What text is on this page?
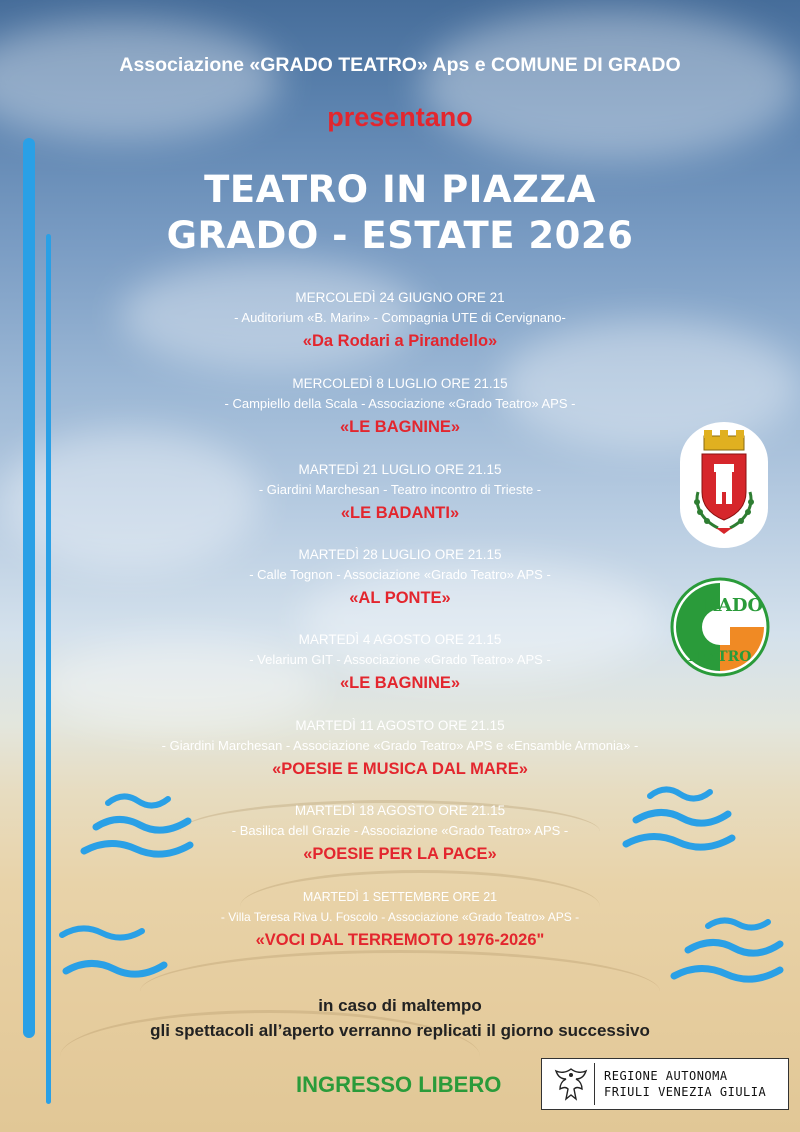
Associazione «GRADO TEATRO» Aps e COMUNE DI GRADO
presentano
TEATRO IN PIAZZA
GRADO - ESTATE 2026
MERCOLEDÌ 24 GIUGNO ORE 21
- Auditorium «B. Marin» - Compagnia UTE di Cervignano-
«Da Rodari a Pirandello»
MERCOLEDÌ 8 LUGLIO ORE 21.15
- Campiello della Scala - Associazione «Grado Teatro» APS -
«LE BAGNINE»
MARTEDÌ 21 LUGLIO ORE 21.15
- Giardini Marchesan - Teatro incontro di Trieste -
«LE BADANTI»
MARTEDÌ 28 LUGLIO ORE 21.15
- Calle Tognon - Associazione «Grado Teatro» APS -
«AL PONTE»
MARTEDÌ 4 AGOSTO ORE 21.15
- Velarium GIT - Associazione «Grado Teatro» APS -
«LE BAGNINE»
MARTEDÌ 11 AGOSTO ORE 21.15
- Giardini Marchesan - Associazione «Grado Teatro» APS e «Ensamble Armonia» -
«POESIE E MUSICA DAL MARE»
MARTEDÌ 18 AGOSTO ORE 21.15
- Basilica dell Grazie - Associazione «Grado Teatro» APS -
«POESIE PER LA PACE»
MARTEDÌ 1 SETTEMBRE ORE 21
- Villa Teresa Riva U. Foscolo - Associazione «Grado Teatro» APS -
«VOCI DAL TERREMOTO 1976-2026"
in caso di maltempo
gli spettacoli all’aperto verranno replicati il giorno successivo
INGRESSO LIBERO	REGIONE AUTONOMA
FRIULI VENEZIA GIULIA
RADO
TEATRO
